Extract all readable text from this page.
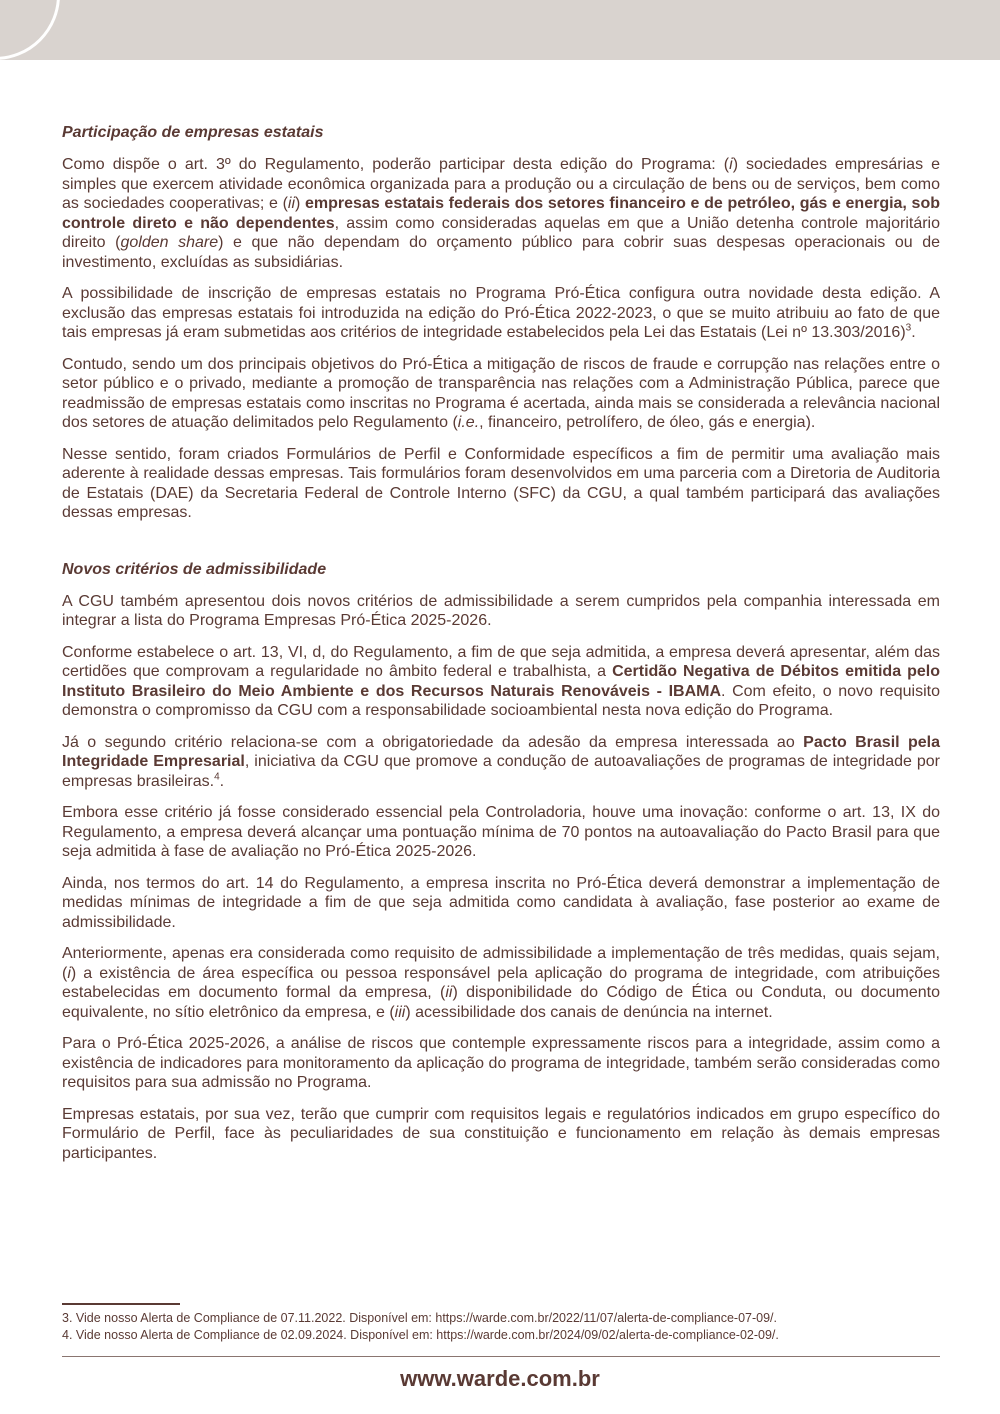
Participação de empresas estatais

Como dispõe o art. 3º do Regulamento, poderão participar desta edição do Programa: (i) sociedades empresárias e simples que exercem atividade econômica organizada para a produção ou a circulação de bens ou de serviços, bem como as sociedades cooperativas; e (ii) empresas estatais federais dos setores financeiro e de petróleo, gás e energia, sob controle direto e não dependentes, assim como consideradas aquelas em que a União detenha controle majoritário direito (golden share) e que não dependam do orçamento público para cobrir suas despesas operacionais ou de investimento, excluídas as subsidiárias.

A possibilidade de inscrição de empresas estatais no Programa Pró-Ética configura outra novidade desta edição. A exclusão das empresas estatais foi introduzida na edição do Pró-Ética 2022-2023, o que se muito atribuiu ao fato de que tais empresas já eram submetidas aos critérios de integridade estabelecidos pela Lei das Estatais (Lei nº 13.303/2016)$^3$.

Contudo, sendo um dos principais objetivos do Pró-Ética a mitigação de riscos de fraude e corrupção nas relações entre o setor público e o privado, mediante a promoção de transparência nas relações com a Administração Pública, parece que readmissão de empresas estatais como inscritas no Programa é acertada, ainda mais se considerada a relevância nacional dos setores de atuação delimitados pelo Regulamento (i.e., financeiro, petrolífero, de óleo, gás e energia).

Nesse sentido, foram criados Formulários de Perfil e Conformidade específicos a fim de permitir uma avaliação mais aderente à realidade dessas empresas. Tais formulários foram desenvolvidos em uma parceria com a Diretoria de Auditoria de Estatais (DAE) da Secretaria Federal de Controle Interno (SFC) da CGU, a qual também participará das avaliações dessas empresas.

Novos critérios de admissibilidade

A CGU também apresentou dois novos critérios de admissibilidade a serem cumpridos pela companhia interessada em integrar a lista do Programa Empresas Pró-Ética 2025-2026.

Conforme estabelece o art. 13, VI, d, do Regulamento, a fim de que seja admitida, a empresa deverá apresentar, além das certidões que comprovam a regularidade no âmbito federal e trabalhista, a Certidão Negativa de Débitos emitida pelo Instituto Brasileiro do Meio Ambiente e dos Recursos Naturais Renováveis - IBAMA. Com efeito, o novo requisito demonstra o compromisso da CGU com a responsabilidade socioambiental nesta nova edição do Programa.

Já o segundo critério relaciona-se com a obrigatoriedade da adesão da empresa interessada ao Pacto Brasil pela Integridade Empresarial, iniciativa da CGU que promove a condução de autoavaliações de programas de integridade por empresas brasileiras.$^4$.

Embora esse critério já fosse considerado essencial pela Controladoria, houve uma inovação: conforme o art. 13, IX do Regulamento, a empresa deverá alcançar uma pontuação mínima de 70 pontos na autoavaliação do Pacto Brasil para que seja admitida à fase de avaliação no Pró-Ética 2025-2026.

Ainda, nos termos do art. 14 do Regulamento, a empresa inscrita no Pró-Ética deverá demonstrar a implementação de medidas mínimas de integridade a fim de que seja admitida como candidata à avaliação, fase posterior ao exame de admissibilidade.

Anteriormente, apenas era considerada como requisito de admissibilidade a implementação de três medidas, quais sejam, (i) a existência de área específica ou pessoa responsável pela aplicação do programa de integridade, com atribuições estabelecidas em documento formal da empresa, (ii) disponibilidade do Código de Ética ou Conduta, ou documento equivalente, no sítio eletrônico da empresa, e (iii) acessibilidade dos canais de denúncia na internet.

Para o Pró-Ética 2025-2026, a análise de riscos que contemple expressamente riscos para a integridade, assim como a existência de indicadores para monitoramento da aplicação do programa de integridade, também serão consideradas como requisitos para sua admissão no Programa.

Empresas estatais, por sua vez, terão que cumprir com requisitos legais e regulatórios indicados em grupo específico do Formulário de Perfil, face às peculiaridades de sua constituição e funcionamento em relação às demais empresas participantes.

3. Vide nosso Alerta de Compliance de 07.11.2022. Disponível em: https://warde.com.br/2022/11/07/alerta-de-compliance-07-09/.
4. Vide nosso Alerta de Compliance de 02.09.2024. Disponível em: https://warde.com.br/2024/09/02/alerta-de-compliance-02-09/.
www.warde.com.br
